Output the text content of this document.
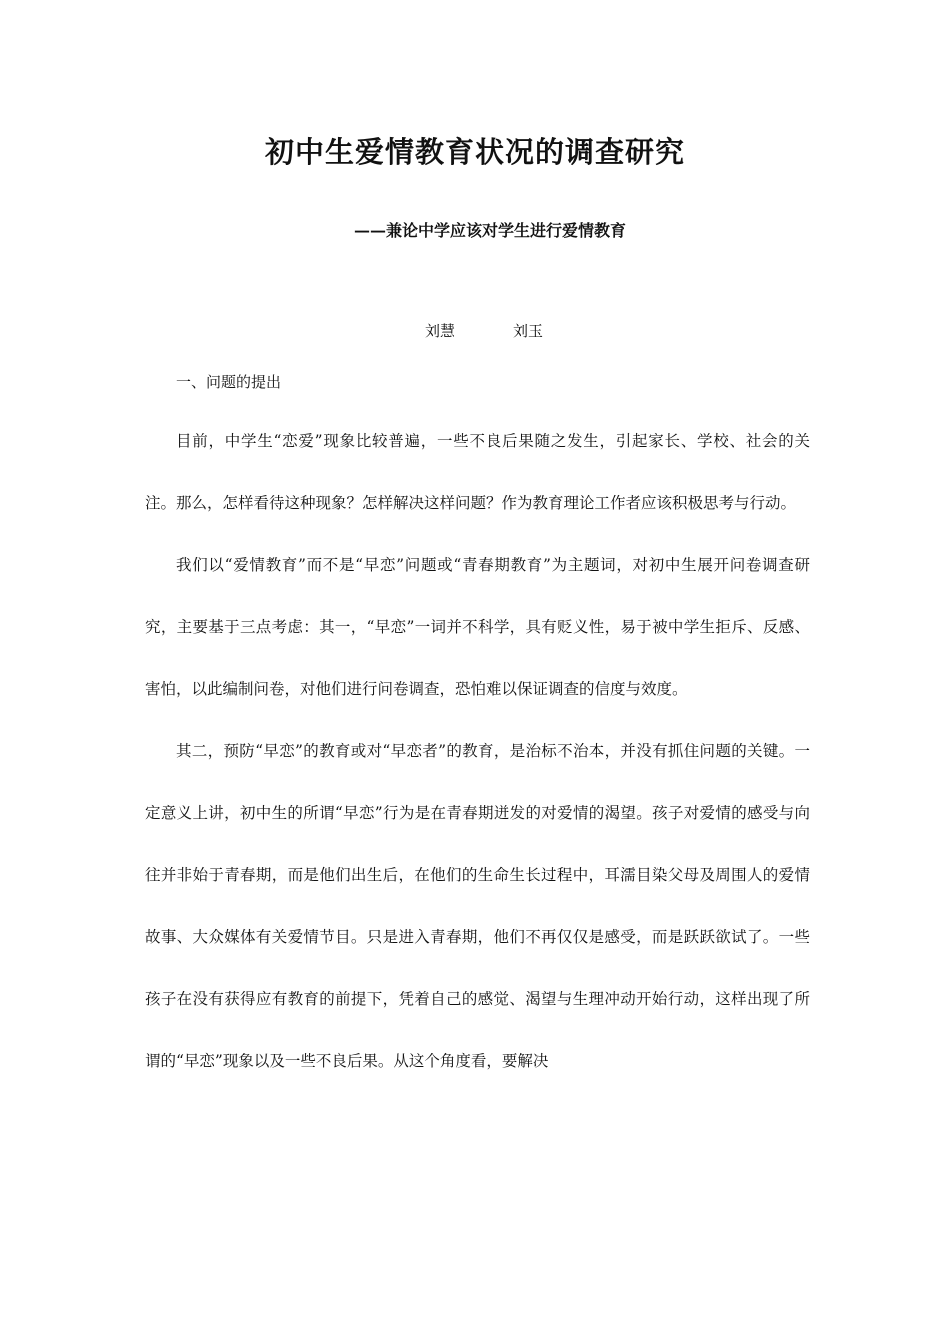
初中生爱情教育状况的调查研究
——兼论中学应该对学生进行爱情教育
刘慧	刘玉
一、问题的提出

目前，中学生“恋爱”现象比较普遍，一些不良后果随之发生，引起家长、学校、社会的关注。那么，怎样看待这种现象？怎样解决这样问题？作为教育理论工作者应该积极思考与行动。

我们以“爱情教育”而不是“早恋”问题或“青春期教育”为主题词，对初中生展开问卷调查研究，主要基于三点考虑：其一，“早恋”一词并不科学，具有贬义性，易于被中学生拒斥、反感、害怕，以此编制问卷，对他们进行问卷调查，恐怕难以保证调查的信度与效度。

其二，预防“早恋”的教育或对“早恋者”的教育，是治标不治本，并没有抓住问题的关键。一定意义上讲，初中生的所谓“早恋”行为是在青春期迸发的对爱情的渴望。孩子对爱情的感受与向往并非始于青春期，而是他们出生后，在他们的生命生长过程中，耳濡目染父母及周围人的爱情故事、大众媒体有关爱情节目。只是进入青春期，他们不再仅仅是感受，而是跃跃欲试了。一些孩子在没有获得应有教育的前提下，凭着自己的感觉、渴望与生理冲动开始行动，这样出现了所谓的“早恋”现象以及一些不良后果。从这个角度看，要解决
